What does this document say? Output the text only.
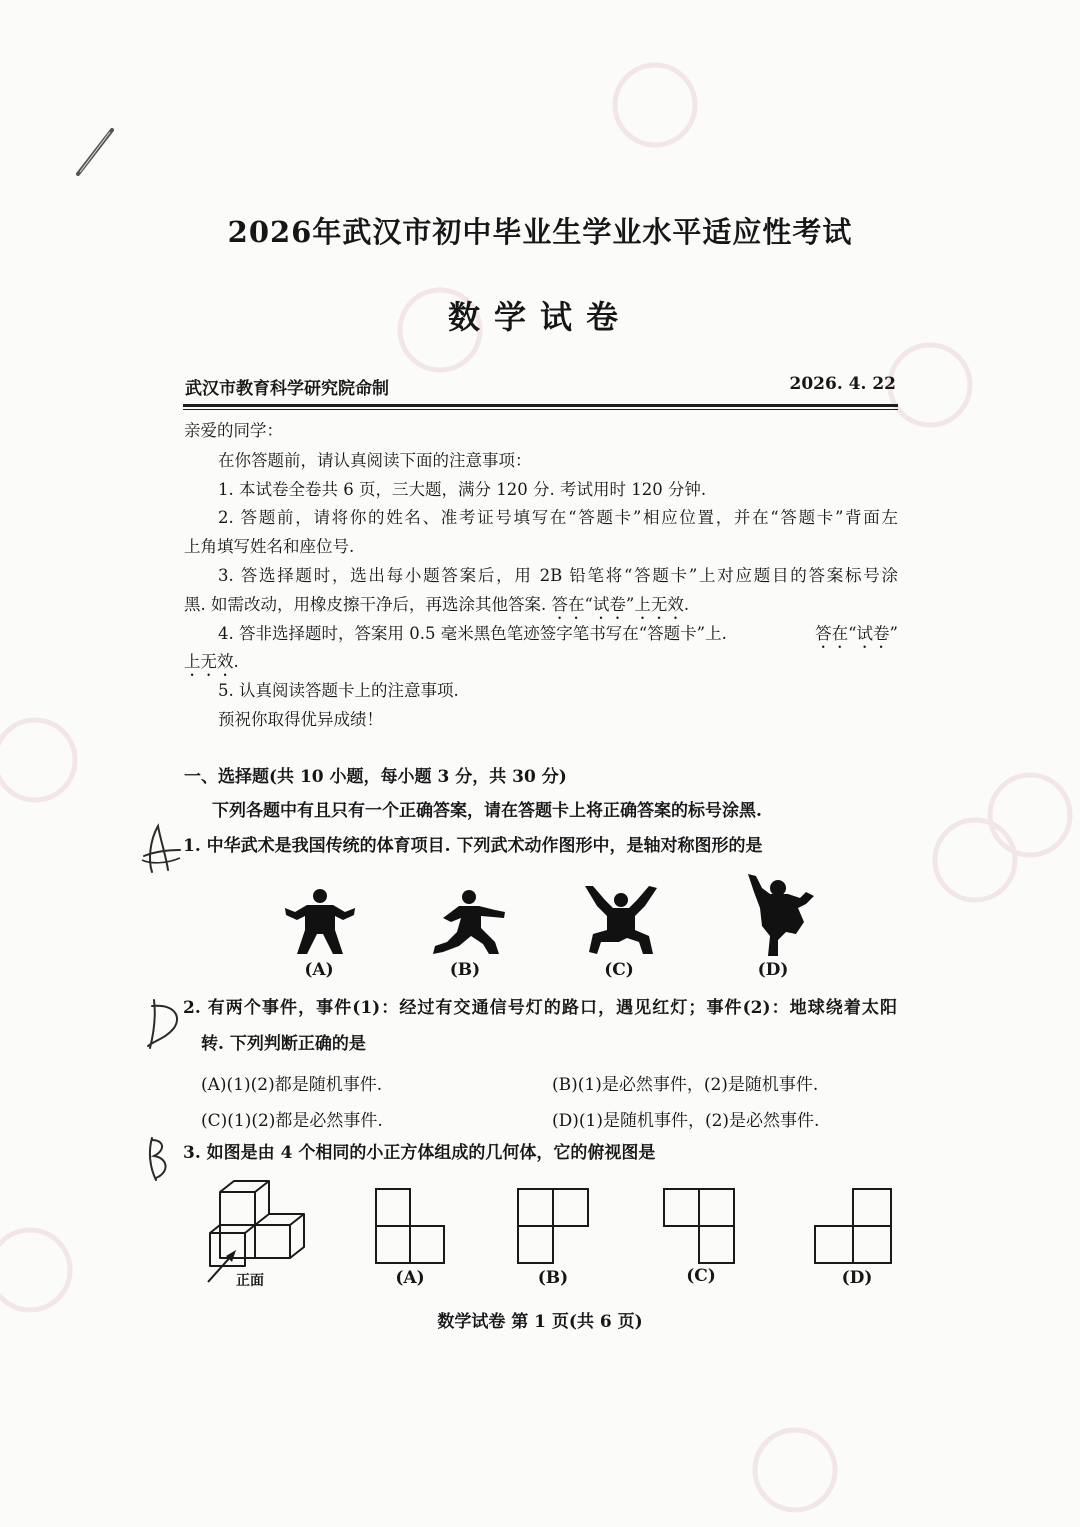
2026年武汉市初中毕业生学业水平适应性考试
数学试卷
武汉市教育科学研究院命制	2026. 4. 22
亲爱的同学：
在你答题前，请认真阅读下面的注意事项：
1. 本试卷全卷共 6 页，三大题，满分 120 分. 考试用时 120 分钟.
2. 答题前，请将你的姓名、准考证号填写在“答题卡”相应位置，并在“答题卡”背面左
上角填写姓名和座位号.
3. 答选择题时，选出每小题答案后，用 2B 铅笔将“答题卡”上对应题目的答案标号涂
黑. 如需改动，用橡皮擦干净后，再选涂其他答案. 答在“试卷”上无效.
4. 答非选择题时，答案用 0.5 毫米黑色笔迹签字笔书写在“答题卡”上.	答在“试卷”
上无效.
5. 认真阅读答题卡上的注意事项.
预祝你取得优异成绩！
一、选择题(共 10 小题，每小题 3 分，共 30 分)
下列各题中有且只有一个正确答案，请在答题卡上将正确答案的标号涂黑.
1. 中华武术是我国传统的体育项目. 下列武术动作图形中，是轴对称图形的是
(A)	(B)	(C)	(D)
2. 有两个事件，事件(1)：经过有交通信号灯的路口，遇见红灯；事件(2)：地球绕着太阳
转. 下列判断正确的是
(A)(1)(2)都是随机事件.	(B)(1)是必然事件，(2)是随机事件.
(C)(1)(2)都是必然事件.	(D)(1)是随机事件，(2)是必然事件.
3. 如图是由 4 个相同的小正方体组成的几何体，它的俯视图是
正面	(A)	(B)	(C)	(D)
数学试卷 第 1 页(共 6 页)
